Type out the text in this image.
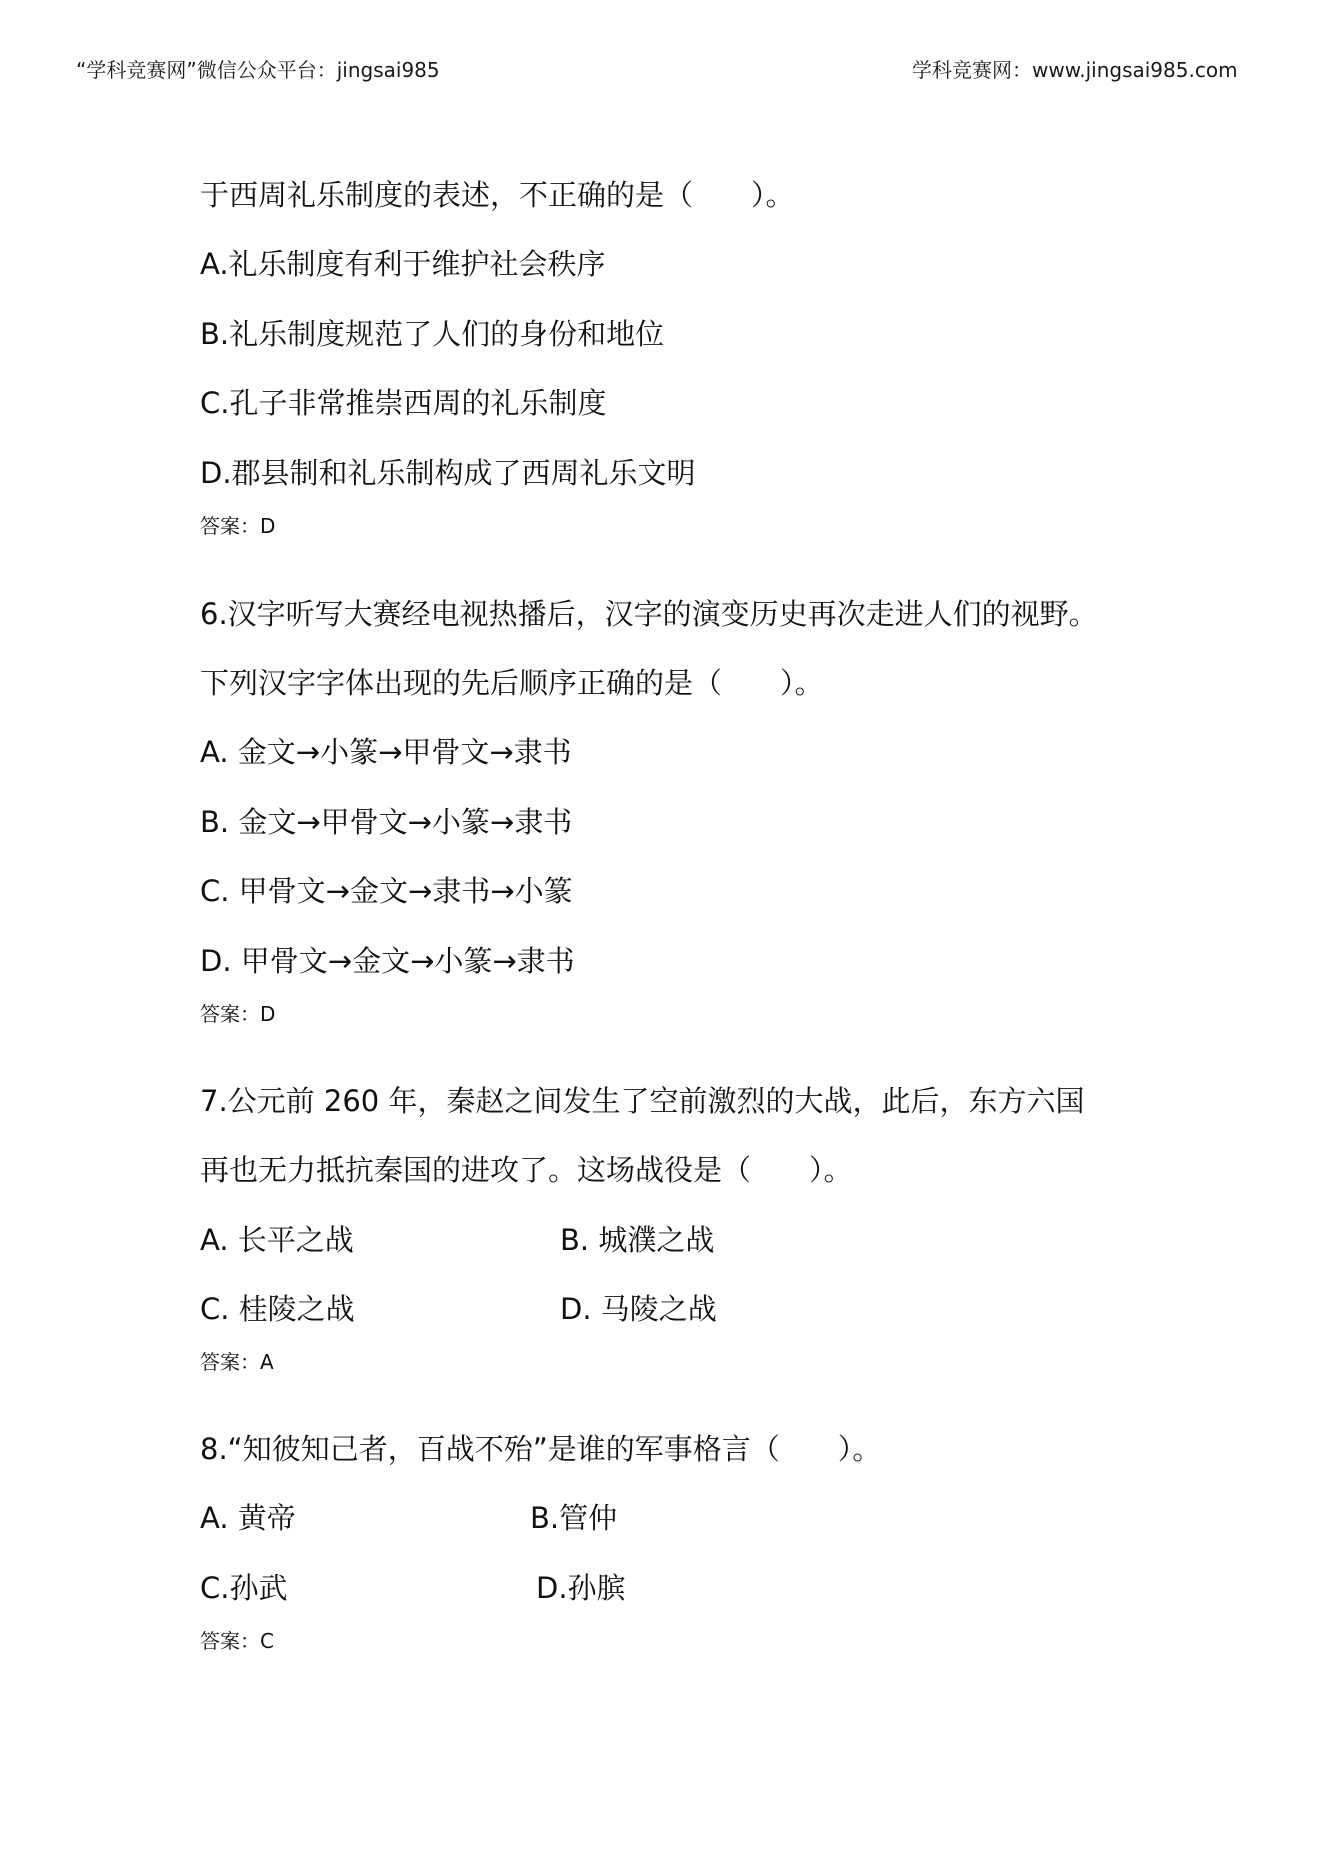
“学科竞赛网”微信公众平台：jingsai985	学科竞赛网：www.jingsai985.com
于西周礼乐制度的表述，不正确的是（　　）。
A.礼乐制度有利于维护社会秩序
B.礼乐制度规范了人们的身份和地位
C.孔子非常推崇西周的礼乐制度
D.郡县制和礼乐制构成了西周礼乐文明
答案：D
6.汉字听写大赛经电视热播后，汉字的演变历史再次走进人们的视野。
下列汉字字体出现的先后顺序正确的是（　　）。
A. 金文→小篆→甲骨文→隶书
B. 金文→甲骨文→小篆→隶书
C. 甲骨文→金文→隶书→小篆
D. 甲骨文→金文→小篆→隶书
答案：D
7.公元前 260 年，秦赵之间发生了空前激烈的大战，此后，东方六国
再也无力抵抗秦国的进攻了。这场战役是（　　）。
A. 长平之战	B. 城濮之战
C. 桂陵之战	D. 马陵之战
答案：A
8.“知彼知己者，百战不殆”是谁的军事格言（　　）。
A. 黄帝	B.管仲
C.孙武	D.孙膑
答案：C
